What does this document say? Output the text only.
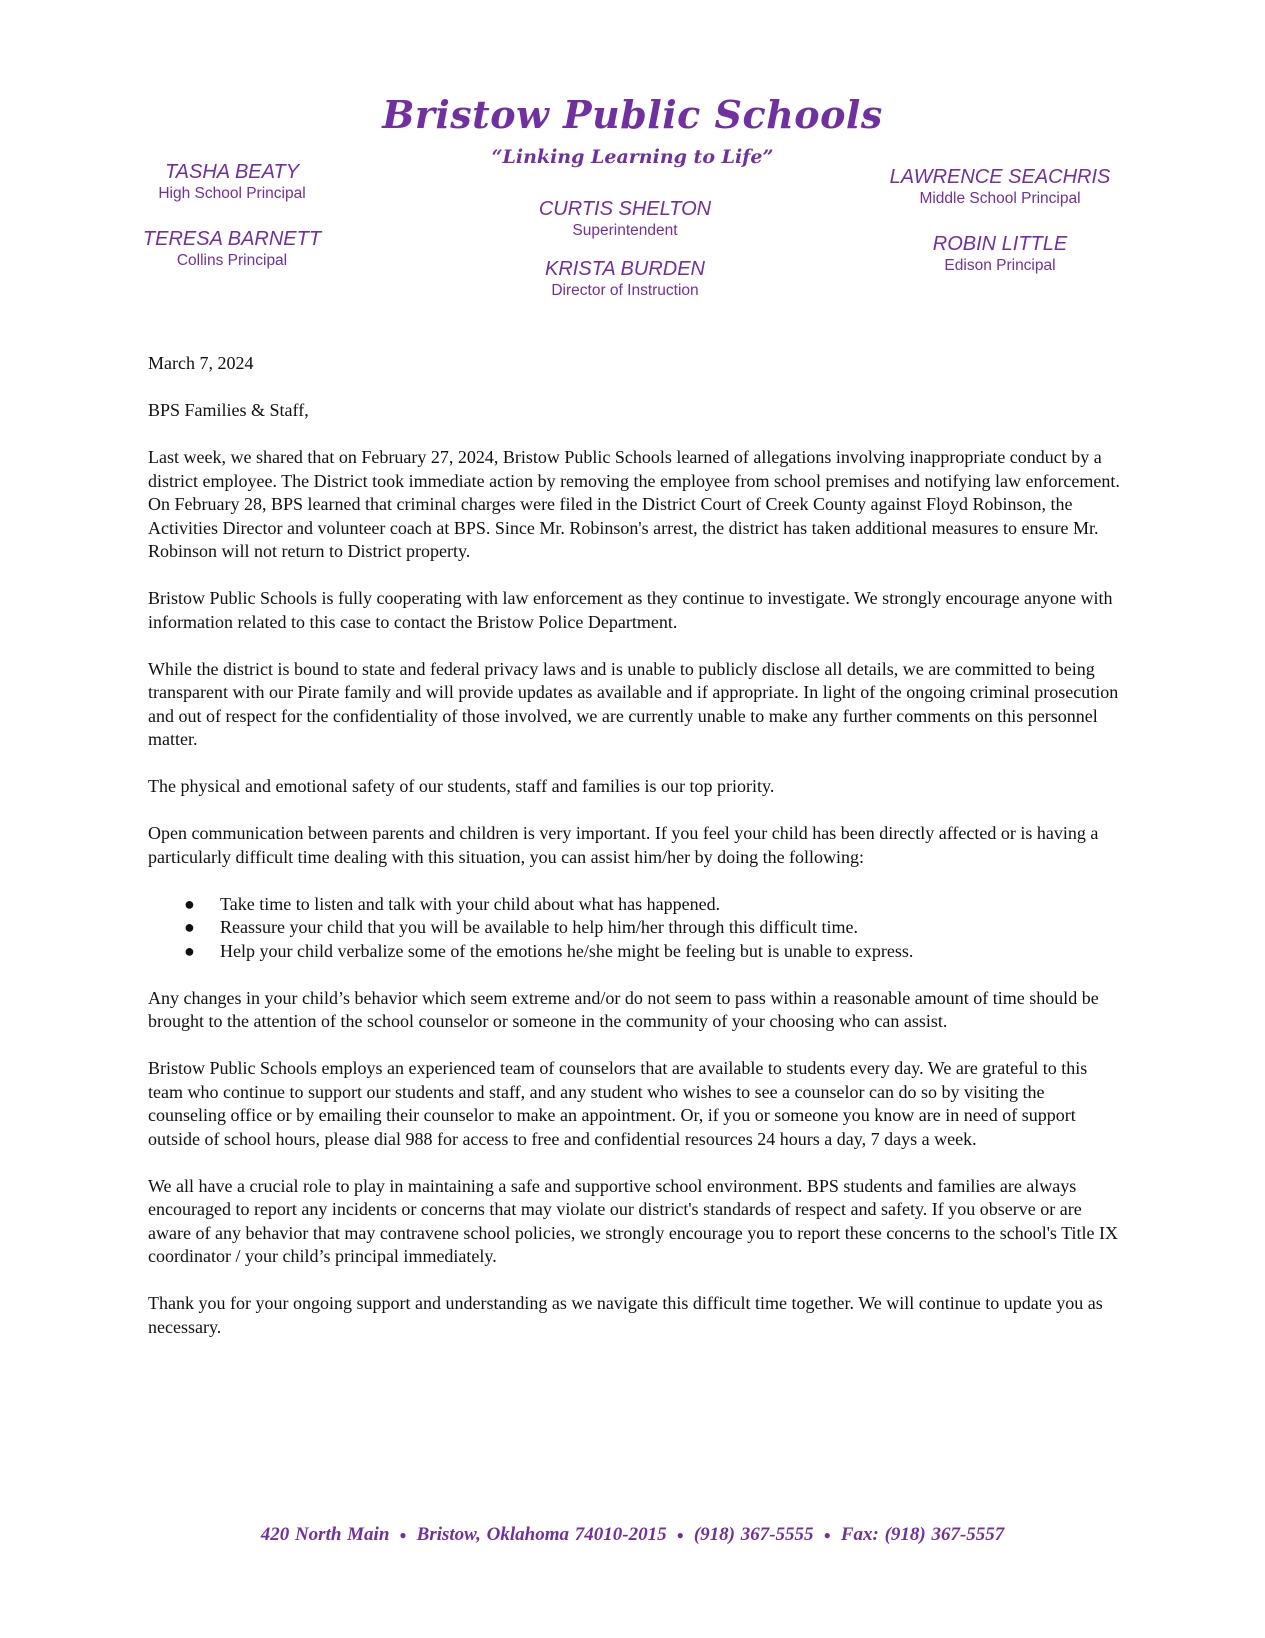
Bristow Public Schools
“Linking Learning to Life”
TASHA BEATY
High School Principal
TERESA BARNETT
Collins Principal
CURTIS SHELTON
Superintendent
KRISTA BURDEN
Director of Instruction
LAWRENCE SEACHRIS
Middle School Principal
ROBIN LITTLE
Edison Principal

March 7, 2024

BPS Families & Staff,

Last week, we shared that on February 27, 2024, Bristow Public Schools learned of allegations involving inappropriate conduct by a district employee. The District took immediate action by removing the employee from school premises and notifying law enforcement. On February 28, BPS learned that criminal charges were filed in the District Court of Creek County against Floyd Robinson, the Activities Director and volunteer coach at BPS. Since Mr. Robinson's arrest, the district has taken additional measures to ensure Mr. Robinson will not return to District property.

Bristow Public Schools is fully cooperating with law enforcement as they continue to investigate. We strongly encourage anyone with information related to this case to contact the Bristow Police Department.

While the district is bound to state and federal privacy laws and is unable to publicly disclose all details, we are committed to being transparent with our Pirate family and will provide updates as available and if appropriate. In light of the ongoing criminal prosecution and out of respect for the confidentiality of those involved, we are currently unable to make any further comments on this personnel matter.

The physical and emotional safety of our students, staff and families is our top priority.

Open communication between parents and children is very important. If you feel your child has been directly affected or is having a particularly difficult time dealing with this situation, you can assist him/her by doing the following:

● Take time to listen and talk with your child about what has happened.
● Reassure your child that you will be available to help him/her through this difficult time.
● Help your child verbalize some of the emotions he/she might be feeling but is unable to express.

Any changes in your child’s behavior which seem extreme and/or do not seem to pass within a reasonable amount of time should be brought to the attention of the school counselor or someone in the community of your choosing who can assist.

Bristow Public Schools employs an experienced team of counselors that are available to students every day. We are grateful to this team who continue to support our students and staff, and any student who wishes to see a counselor can do so by visiting the counseling office or by emailing their counselor to make an appointment. Or, if you or someone you know are in need of support outside of school hours, please dial 988 for access to free and confidential resources 24 hours a day, 7 days a week.

We all have a crucial role to play in maintaining a safe and supportive school environment. BPS students and families are always encouraged to report any incidents or concerns that may violate our district's standards of respect and safety. If you observe or are aware of any behavior that may contravene school policies, we strongly encourage you to report these concerns to the school's Title IX coordinator / your child’s principal immediately.

Thank you for your ongoing support and understanding as we navigate this difficult time together. We will continue to update you as necessary.

420 North Main ● Bristow, Oklahoma 74010-2015 ● (918) 367-5555 ● Fax: (918) 367-5557
